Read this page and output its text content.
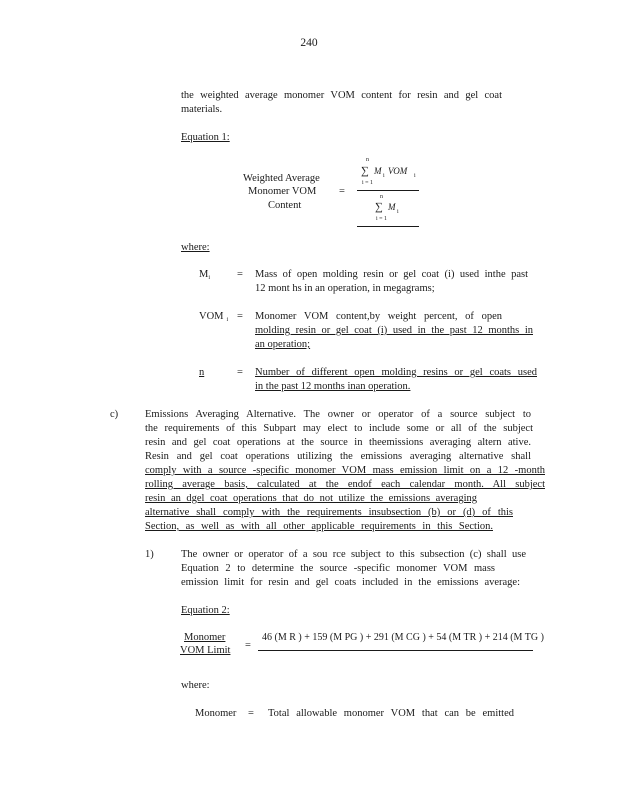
240
the weighted average monomer VOM content for resin and gel coat
materials.
Equation 1:
Weighted Average
Monomer VOM
Content
=
n
∑ M i VOM i
i = 1
n
∑ M i
i = 1
where:
Mi	= Mass of open molding resin or gel coat (i) used inthe past
12 mont hs in an operation, in megagrams;
VOM i = Monomer VOM content,by weight percent, of open
molding resin or gel coat (i) used in the past 12 months in
an operation;
n	= Number of different open molding resins or gel coats used
in the past 12 months inan operation.
c)	Emissions Averaging Alternative. The owner or operator of a source subject to
the requirements of this Subpart may elect to include some or all of the subject
resin and gel coat operations at the source in theemissions averaging altern ative.
Resin and gel coat operations utilizing the emissions averaging alternative shall
comply with a source -specific monomer VOM mass emission limit on a 12 -month
rolling average basis, calculated at the endof each calendar month. All subject
resin an dgel coat operations that do not utilize the emissions averaging
alternative shall comply with the requirements insubsection (b) or (d) of this
Section, as well as with all other applicable requirements in this Section.
1)	The owner or operator of a sou rce subject to this subsection (c) shall use
Equation 2 to determine the source -specific monomer VOM mass
emission limit for resin and gel coats included in the emissions average:
Equation 2:
Monomer
VOM Limit =
46 (M R ) + 159 (M PG ) + 291 (M CG ) + 54 (M TR ) + 214 (M TG )
where:
Monomer = Total allowable monomer VOM that can be emitted
